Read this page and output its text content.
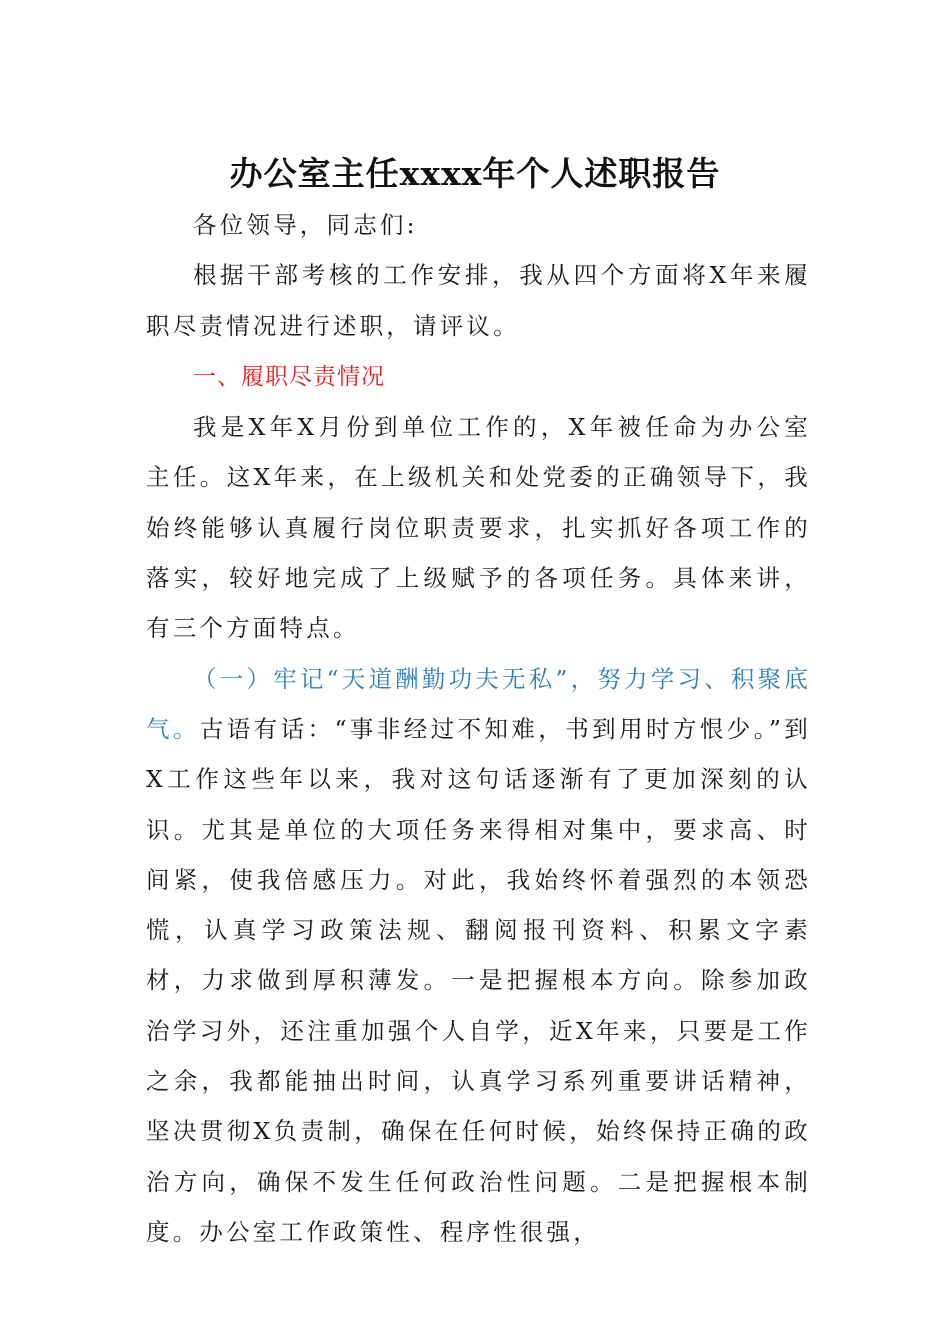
办公室主任xxxx年个人述职报告

各位领导，同志们:

根据干部考核的工作安排，我从四个方面将X年来履职尽责情况进行述职，请评议。

一、履职尽责情况

我是X年X月份到单位工作的，X年被任命为办公室主任。这X年来，在上级机关和处党委的正确领导下，我始终能够认真履行岗位职责要求，扎实抓好各项工作的落实，较好地完成了上级赋予的各项任务。具体来讲，有三个方面特点。

（一）牢记“天道酬勤功夫无私”，努力学习、积聚底气。古语有话：“事非经过不知难，书到用时方恨少。”到X工作这些年以来，我对这句话逐渐有了更加深刻的认识。尤其是单位的大项任务来得相对集中，要求高、时间紧，使我倍感压力。对此，我始终怀着强烈的本领恐慌，认真学习政策法规、翻阅报刊资料、积累文字素材，力求做到厚积薄发。一是把握根本方向。除参加政治学习外，还注重加强个人自学，近X年来，只要是工作之余，我都能抽出时间，认真学习系列重要讲话精神，坚决贯彻X负责制，确保在任何时候，始终保持正确的政治方向，确保不发生任何政治性问题。二是把握根本制度。办公室工作政策性、程序性很强，
